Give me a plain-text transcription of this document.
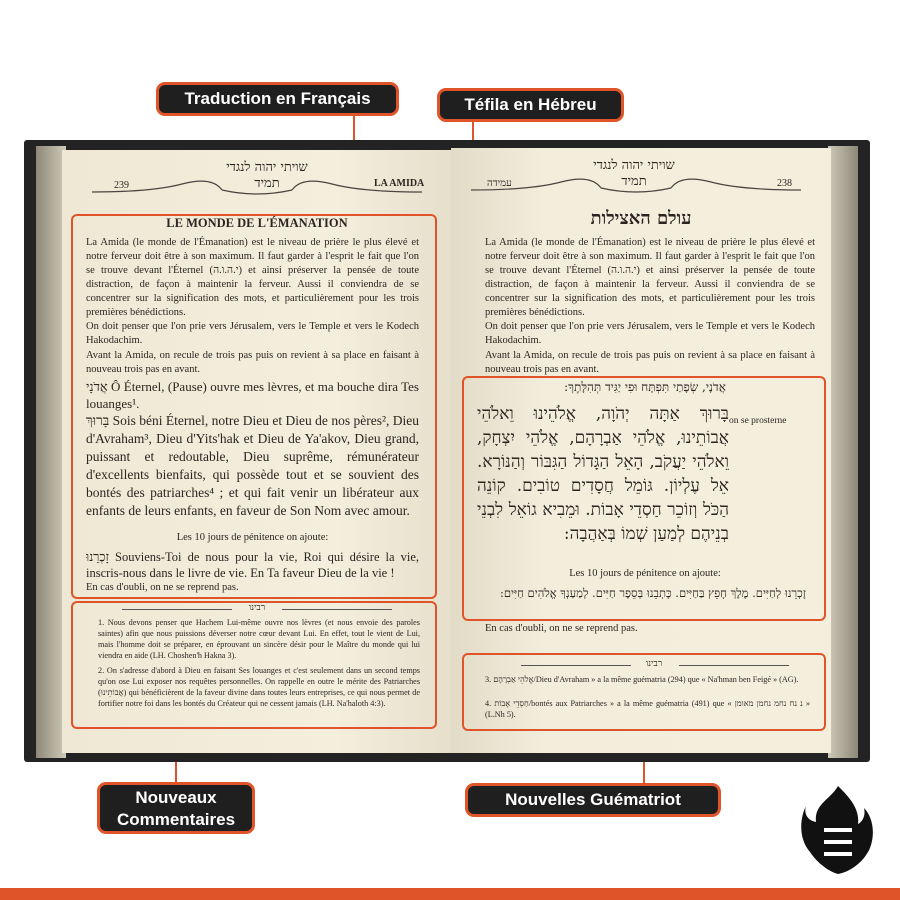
Traduction en Français	Téfila en Hébreu
Nouveaux Commentaires
Nouvelles Guématriot
239
שויתי יהוה לנגדי תמיד	LA AMIDA
LE MONDE DE L'ÉMANATION
La Amida (le monde de l'Émanation) est le niveau de prière le plus élevé et notre ferveur doit être à son maximum. Il faut garder à l'esprit le fait que l'on se trouve devant l'Éternel (י.ה.ו.ה) et ainsi préserver la pensée de toute distraction, de façon à maintenir la ferveur. Aussi il conviendra de se concentrer sur la signification des mots, et particulièrement pour les trois premières bénédictions.
On doit penser que l'on prie vers Jérusalem, vers le Temple et vers le Kodech Hakodachim.
Avant la Amida, on recule de trois pas puis on revient à sa place en faisant à nouveau trois pas en avant.
אֲדֹנָי Ô Éternel, (Pause) ouvre mes lèvres, et ma bouche dira Tes louanges¹.
בָּרוּךְ Sois béni Éternel, notre Dieu et Dieu de nos pères², Dieu d'Avraham³, Dieu d'Yits'hak et Dieu de Ya'akov, Dieu grand, puissant et redoutable, Dieu suprême, rémunérateur d'excellents bienfaits, qui possède tout et se souvient des bontés des patriarches⁴ ; et qui fait venir un libérateur aux enfants de leurs enfants, en faveur de Son Nom avec amour.
Les 10 jours de pénitence on ajoute:
זָכְרֵנוּ Souviens-Toi de nous pour la vie, Roi qui désire la vie, inscris-nous dans le livre de vie. En Ta faveur Dieu de la vie !
En cas d'oubli, on ne se reprend pas.
רבינו
1. Nous devons penser que Hachem Lui-même ouvre nos lèvres (et nous envoie des paroles saintes) afin que nous puissions déverser notre cœur devant Lui. En effet, tout le vient de Lui, mais l'homme doit se préparer, en éprouvant un sincère désir pour le Maître du monde qui lui viendra en aide (LH. Choshen'h Hakna 3).
2. On s'adresse d'abord à Dieu en faisant Ses louanges et c'est seulement dans un second temps qu'on ose Lui exposer nos requêtes personnelles. On rappelle en outre le mérite des Patriarches (אֲבוֹתֵינוּ) qui bénéficièrent de la faveur divine dans toutes leurs entreprises, ce qui nous permet de fortifier notre foi dans les bontés du Créateur qui ne cessent jamais (LH. Na'haloth 4:3).
עמידה
שויתי יהוה לנגדי תמיד	238
עולם האצילות
La Amida (le monde de l'Émanation) est le niveau de prière le plus élevé et notre ferveur doit être à son maximum. Il faut garder à l'esprit le fait que l'on se trouve devant l'Éternel (י.ה.ו.ה) et ainsi préserver la pensée de toute distraction, de façon à maintenir la ferveur. Aussi il conviendra de se concentrer sur la signification des mots, et particulièrement pour les trois premières bénédictions.
On doit penser que l'on prie vers Jérusalem, vers le Temple et vers le Kodech Hakodachim.
Avant la Amida, on recule de trois pas puis on revient à sa place en faisant à nouveau trois pas en avant.
אֲדֹנָי, שְׂפָתַי תִּפְתָּח וּפִי יַגִּיד תְּהִלָּתֶךָ:
on se prosterne
בָּרוּךְ אַתָּה יְהֹוָה, אֱלֹהֵינוּ וֵאלֹהֵי אֲבוֹתֵינוּ, אֱלֹהֵי אַבְרָהָם, אֱלֹהֵי יִצְחָק, וֵאלֹהֵי יַעֲקֹב, הָאֵל הַגָּדוֹל הַגִּבּוֹר וְהַנּוֹרָא. אֵל עֶלְיוֹן. גּוֹמֵל חֲסָדִים טוֹבִים. קוֹנֵה הַכֹּל וְזוֹכֵר חַסְדֵי אָבוֹת. וּמֵבִיא גוֹאֵל לִבְנֵי בְנֵיהֶם לְמַעַן שְׁמוֹ בְּאַהֲבָה:
Les 10 jours de pénitence on ajoute:
זָכְרֵנוּ לְחַיִּים. מֶלֶךְ חָפֵץ בַּחַיִּים. כָּתְבֵנוּ בְּסֵפֶר חַיִּים. לְמַעַנְךָ אֱלֹהִים חַיִּים:
En cas d'oubli, on ne se reprend pas.
רבינו
3. אֱלֹהֵי אַבְרָהָם/Dieu d'Avraham » a la même guématria (294) que « Na'hman ben Feigé » (AG).
4. חַסְדֵי אָבוֹת/bontés aux Patriarches » a la même guématria (491) que « נ נח נחמ נחמן מאומן » (L.Nh 5).
